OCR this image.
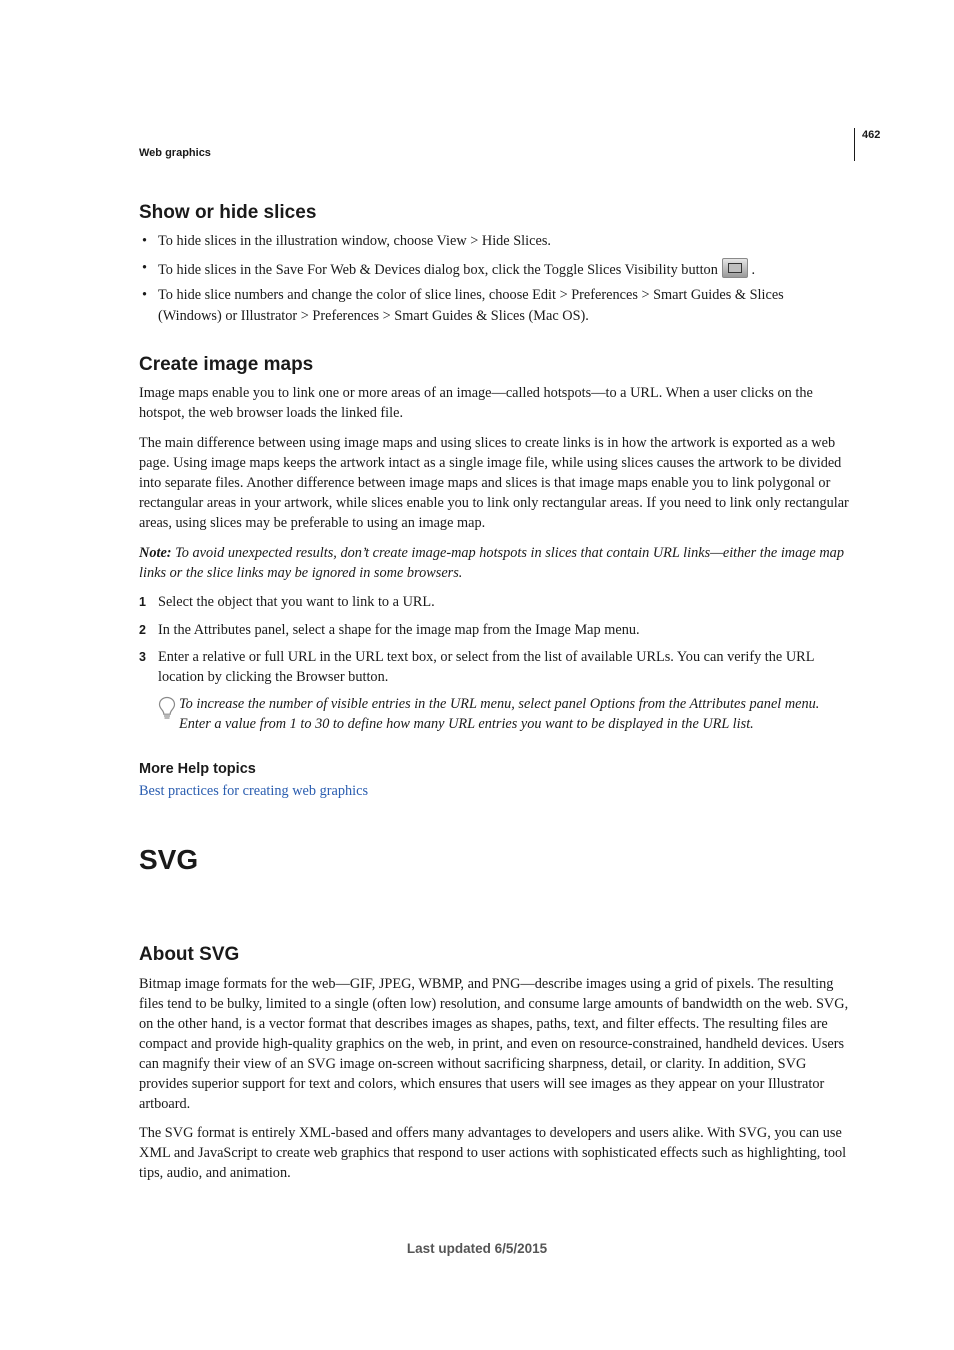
Web graphics
462
Show or hide slices
• To hide slices in the illustration window, choose View > Hide Slices.
• To hide slices in the Save For Web & Devices dialog box, click the Toggle Slices Visibility button .
• To hide slice numbers and change the color of slice lines, choose Edit > Preferences > Smart Guides & Slices (Windows) or Illustrator > Preferences > Smart Guides & Slices (Mac OS).
Create image maps

Image maps enable you to link one or more areas of an image—called hotspots—to a URL. When a user clicks on the hotspot, the web browser loads the linked file.

The main difference between using image maps and using slices to create links is in how the artwork is exported as a web page. Using image maps keeps the artwork intact as a single image file, while using slices causes the artwork to be divided into separate files. Another difference between image maps and slices is that image maps enable you to link polygonal or rectangular areas in your artwork, while slices enable you to link only rectangular areas. If you need to link only rectangular areas, using slices may be preferable to using an image map.

Note: To avoid unexpected results, don’t create image-map hotspots in slices that contain URL links—either the image map links or the slice links may be ignored in some browsers.
1 Select the object that you want to link to a URL.
2 In the Attributes panel, select a shape for the image map from the Image Map menu.
3 Enter a relative or full URL in the URL text box, or select from the list of available URLs. You can verify the URL location by clicking the Browser button.
To increase the number of visible entries in the URL menu, select panel Options from the Attributes panel menu. Enter a value from 1 to 30 to define how many URL entries you want to be displayed in the URL list.
More Help topics
Best practices for creating web graphics
SVG
About SVG

Bitmap image formats for the web—GIF, JPEG, WBMP, and PNG—describe images using a grid of pixels. The resulting files tend to be bulky, limited to a single (often low) resolution, and consume large amounts of bandwidth on the web. SVG, on the other hand, is a vector format that describes images as shapes, paths, text, and filter effects. The resulting files are compact and provide high-quality graphics on the web, in print, and even on resource-constrained, handheld devices. Users can magnify their view of an SVG image on-screen without sacrificing sharpness, detail, or clarity. In addition, SVG provides superior support for text and colors, which ensures that users will see images as they appear on your Illustrator artboard.

The SVG format is entirely XML-based and offers many advantages to developers and users alike. With SVG, you can use XML and JavaScript to create web graphics that respond to user actions with sophisticated effects such as highlighting, tool tips, audio, and animation.

Last updated 6/5/2015
